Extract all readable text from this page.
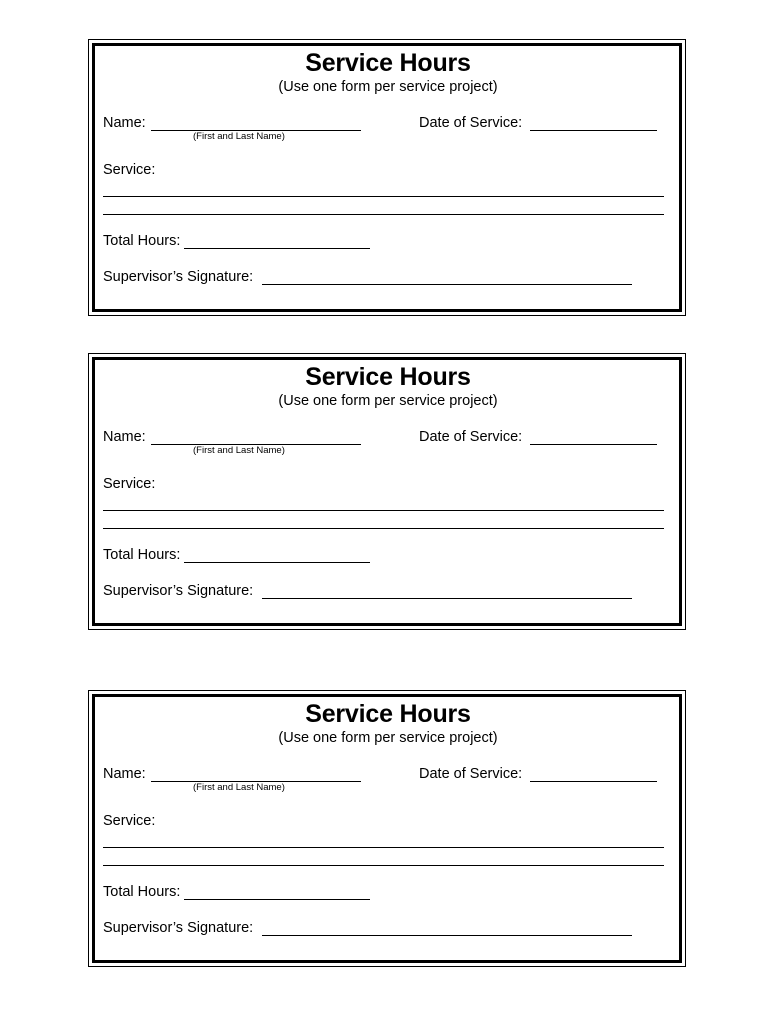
Service Hours
(Use one form per service project)
Name:
(First and Last Name)
Date of Service:
Service:
Total Hours:
Supervisor’s Signature:
Service Hours
(Use one form per service project)
Name:
(First and Last Name)
Date of Service:
Service:
Total Hours:
Supervisor’s Signature:
Service Hours
(Use one form per service project)
Name:
(First and Last Name)
Date of Service:
Service:
Total Hours:
Supervisor’s Signature:
